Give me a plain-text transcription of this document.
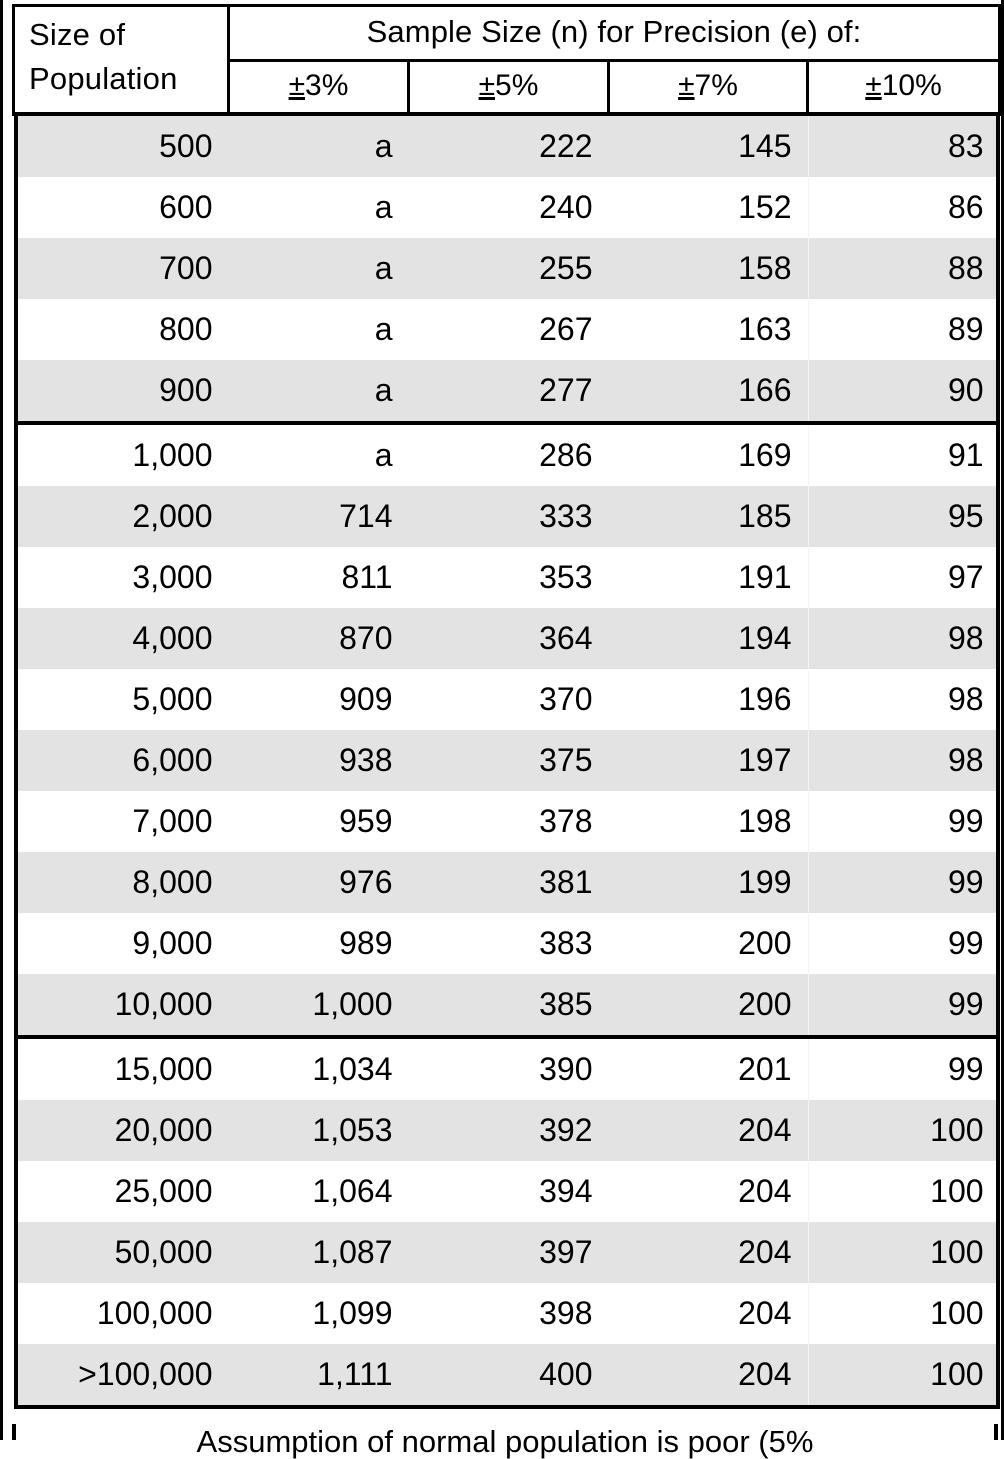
Size of
Population	Sample Size (n) for Precision (e) of:			
	±3%	±5%	±7%	±10%
500	a	222	145	83
600	a	240	152	86
700	a	255	158	88
800	a	267	163	89
900	a	277	166	90
1,000	a	286	169	91
2,000	714	333	185	95
3,000	811	353	191	97
4,000	870	364	194	98
5,000	909	370	196	98
6,000	938	375	197	98
7,000	959	378	198	99
8,000	976	381	199	99
9,000	989	383	200	99
10,000	1,000	385	200	99
15,000	1,034	390	201	99
20,000	1,053	392	204	100
25,000	1,064	394	204	100
50,000	1,087	397	204	100
100,000	1,099	398	204	100
>100,000	1,111	400	204	100
Assumption of normal population is poor (5%
